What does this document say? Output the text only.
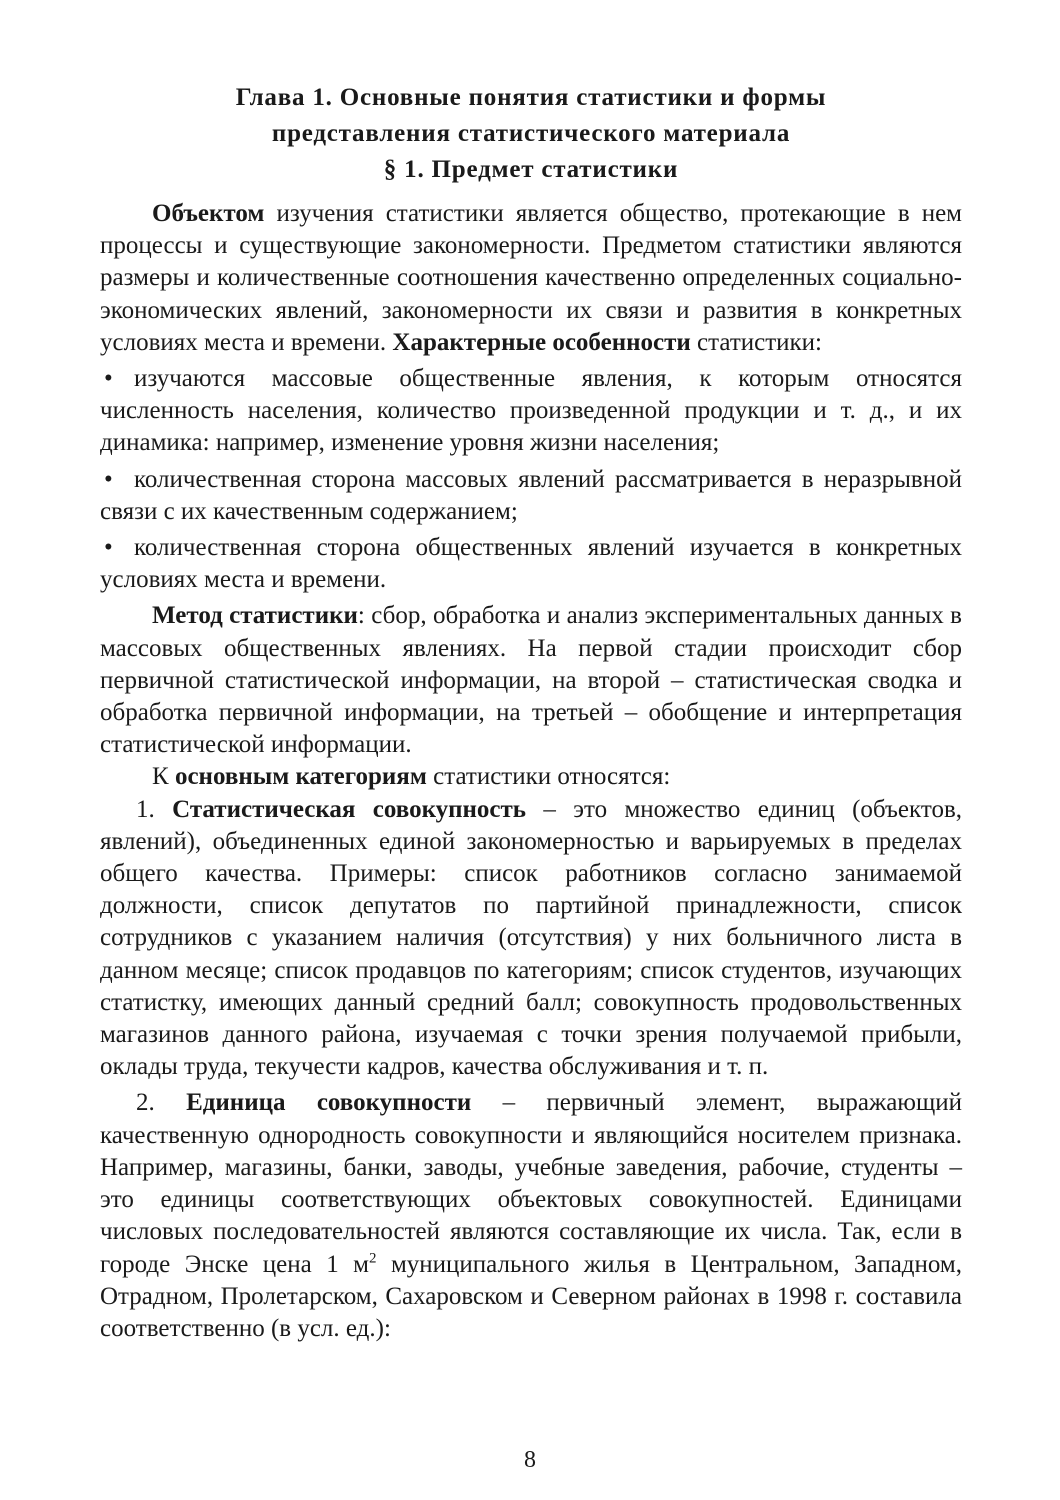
Глава 1. Основные понятия статистики и формы
представления статистического материала
§ 1. Предмет статистики

Объектом изучения статистики является общество, протекающие в нем процессы и существующие закономерности. Предметом статистики являются размеры и количественные соотношения качественно определенных социально-экономических явлений, закономерности их связи и развития в конкретных условиях места и времени. Характерные особенности статистики:

• изучаются массовые общественные явления, к которым относятся численность населения, количество произведенной продукции и т. д., и их динамика: например, изменение уровня жизни населения;

• количественная сторона массовых явлений рассматривается в неразрывной связи с их качественным содержанием;

• количественная сторона общественных явлений изучается в конкретных условиях места и времени.

Метод статистики: сбор, обработка и анализ экспериментальных данных в массовых общественных явлениях. На первой стадии происходит сбор первичной статистической информации, на второй – статистическая сводка и обработка первичной информации, на третьей – обобщение и интерпретация статистической информации.

К основным категориям статистики относятся:

1. Статистическая совокупность – это множество единиц (объектов, явлений), объединенных единой закономерностью и варьируемых в пределах общего качества. Примеры: список работников согласно занимаемой должности, список депутатов по партийной принадлежности, список сотрудников с указанием наличия (отсутствия) у них больничного листа в данном месяце; список продавцов по категориям; список студентов, изучающих статистку, имеющих данный средний балл; совокупность продовольственных магазинов данного района, изучаемая с точки зрения получаемой прибыли, оклады труда, текучести кадров, качества обслуживания и т. п.

2. Единица совокупности – первичный элемент, выражающий качественную однородность совокупности и являющийся носителем признака. Например, магазины, банки, заводы, учебные заведения, рабочие, студенты – это единицы соответствующих объектовых совокупностей. Единицами числовых последовательностей являются составляющие их числа. Так, если в городе Энске цена 1 $м^2$ муниципального жилья в Центральном, Западном, Отрадном, Пролетарском, Сахаровском и Северном районах в 1998 г. составила соответственно (в усл. ед.):

8
